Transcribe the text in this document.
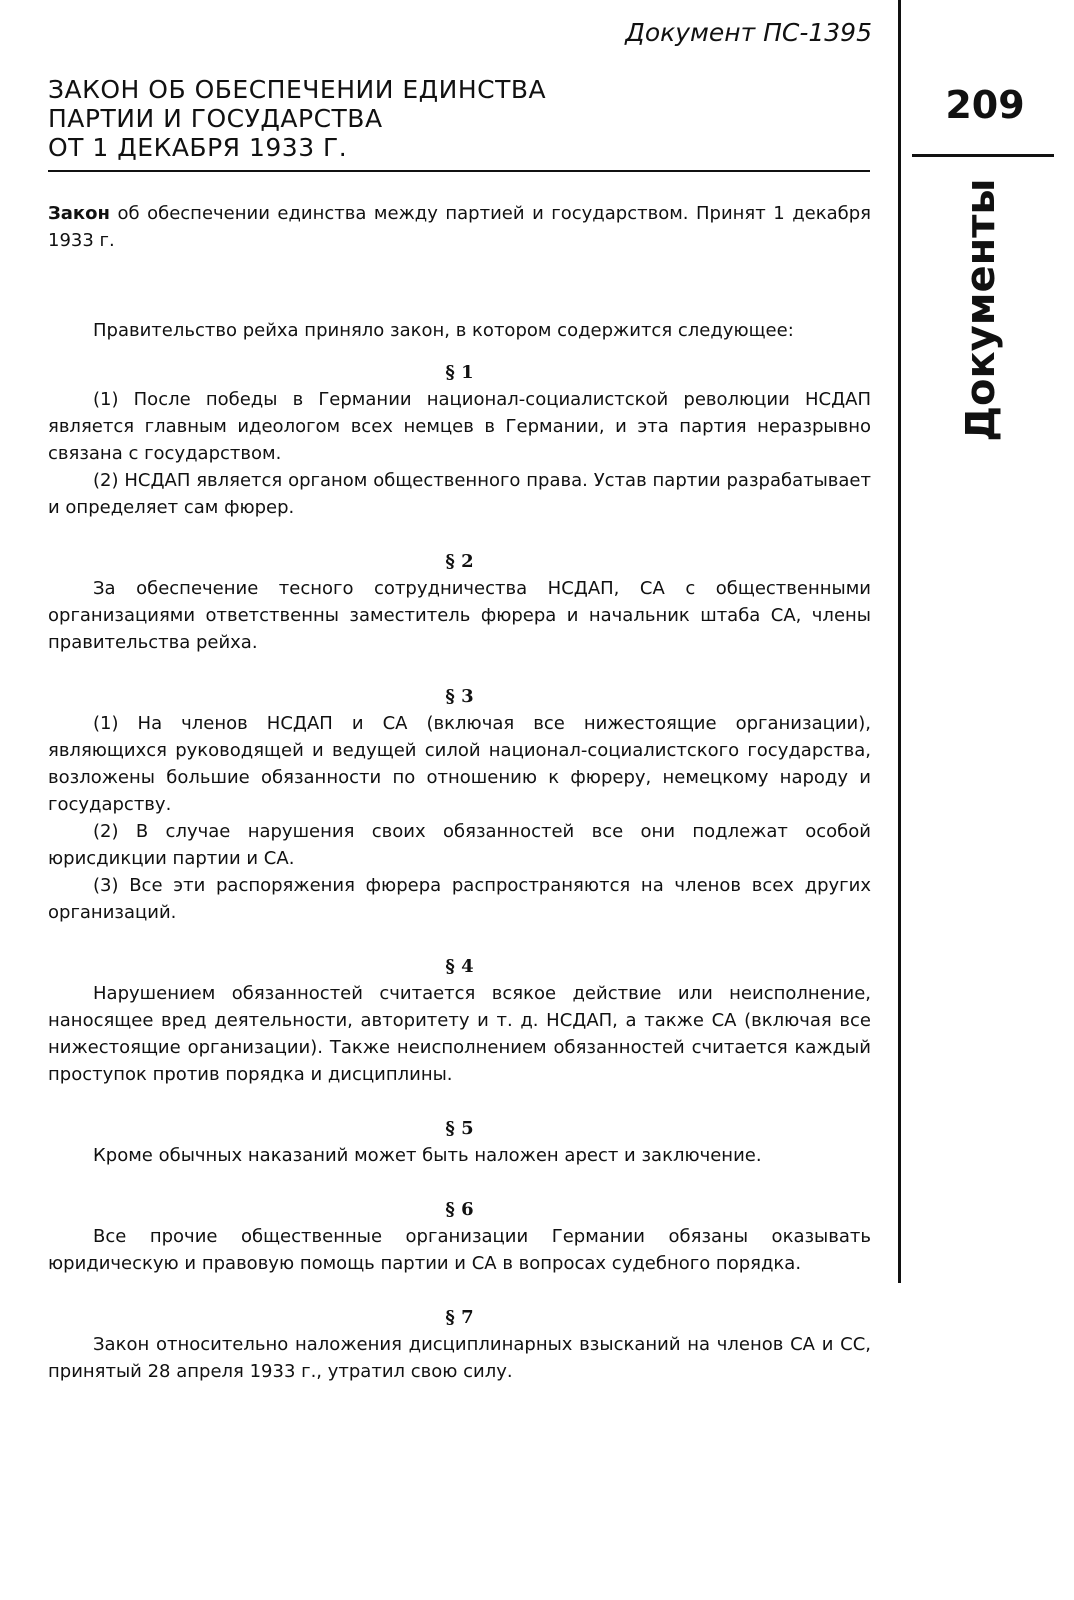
Документ ПС-1395
ЗАКОН ОБ ОБЕСПЕЧЕНИИ ЕДИНСТВА
ПАРТИИ И ГОСУДАРСТВА
ОТ 1 ДЕКАБРЯ 1933 Г.
209
Документы

Закон об обеспечении единства между партией и государством. Принят 1 декабря 1933 г.

Правительство рейха приняло закон, в котором содержится следующее:

§ 1

(1) После победы в Германии национал-социалистской революции НСДАП является главным идеологом всех немцев в Германии, и эта партия неразрывно связана с государством.

(2) НСДАП является органом общественного права. Устав партии разрабатывает и определяет сам фюрер.

§ 2

За обеспечение тесного сотрудничества НСДАП, СА с общественными организациями ответственны заместитель фюрера и начальник штаба СА, члены правительства рейха.

§ 3

(1) На членов НСДАП и СА (включая все нижестоящие организации), являющихся руководящей и ведущей силой национал-социалистского государства, возложены большие обязанности по отношению к фюреру, немецкому народу и государству.

(2) В случае нарушения своих обязанностей все они подлежат особой юрисдикции партии и СА.

(3) Все эти распоряжения фюрера распространяются на членов всех других организаций.

§ 4

Нарушением обязанностей считается всякое действие или неисполнение, наносящее вред деятельности, авторитету и т. д. НСДАП, а также СА (включая все нижестоящие организации). Также неисполнением обязанностей считается каждый проступок против порядка и дисциплины.

§ 5

Кроме обычных наказаний может быть наложен арест и заключение.

§ 6

Все прочие общественные организации Германии обязаны оказывать юридическую и правовую помощь партии и СА в вопросах судебного порядка.

§ 7

Закон относительно наложения дисциплинарных взысканий на членов СА и СС, принятый 28 апреля 1933 г., утратил свою силу.
